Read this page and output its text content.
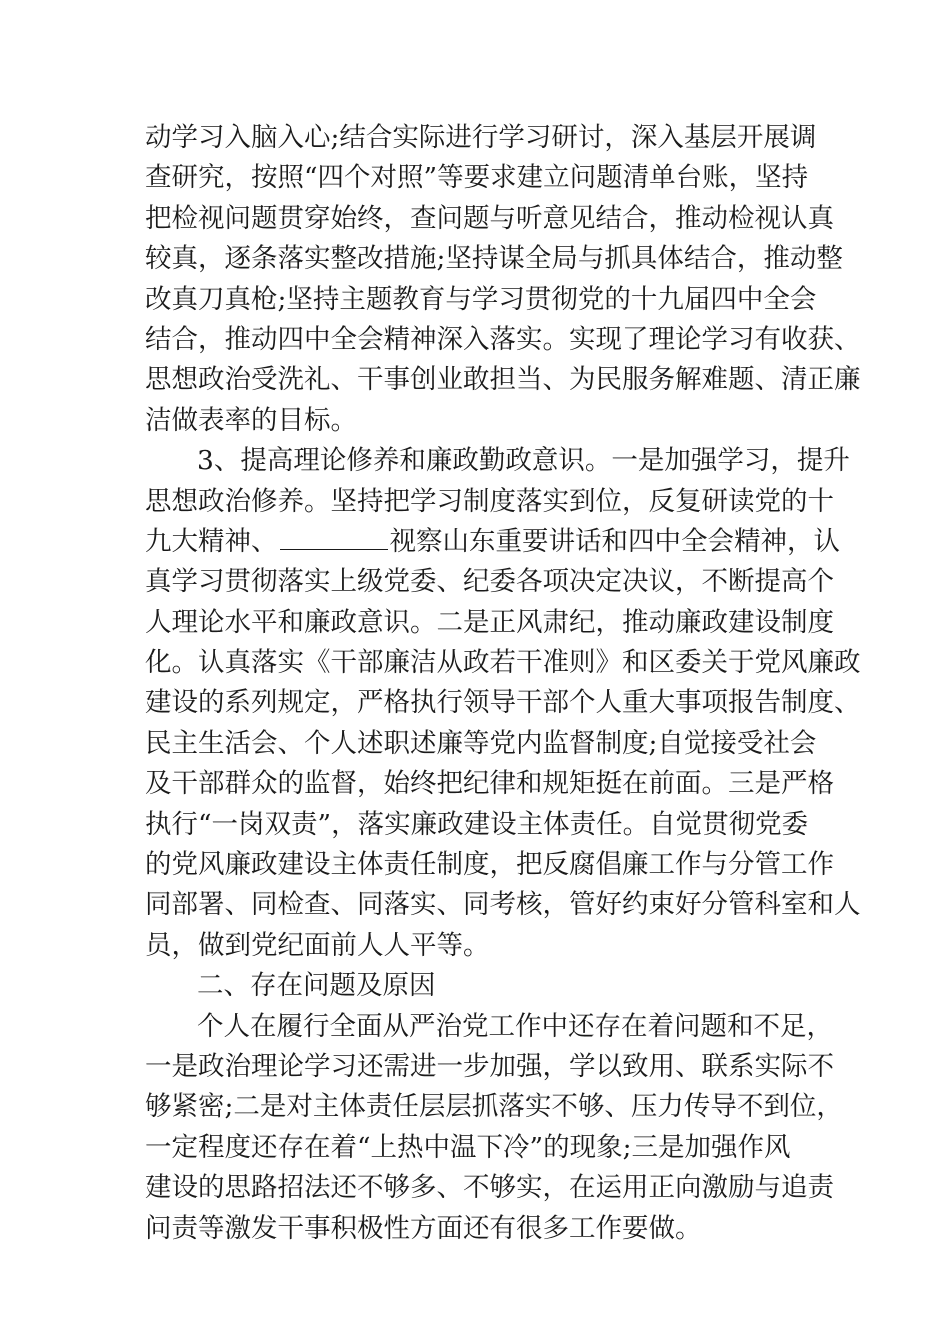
动学习入脑入心;结合实际进行学习研讨，深入基层开展调
查研究，按照“四个对照”等要求建立问题清单台账，坚持
把检视问题贯穿始终，查问题与听意见结合，推动检视认真
较真，逐条落实整改措施;坚持谋全局与抓具体结合，推动整
改真刀真枪;坚持主题教育与学习贯彻党的十九届四中全会
结合，推动四中全会精神深入落实。实现了理论学习有收获、
思想政治受洗礼、干事创业敢担当、为民服务解难题、清正廉
洁做表率的目标。
3、提高理论修养和廉政勤政意识。一是加强学习，提升
思想政治修养。坚持把学习制度落实到位，反复研读党的十
九大精神、	视察山东重要讲话和四中全会精神，认
真学习贯彻落实上级党委、纪委各项决定决议，不断提高个
人理论水平和廉政意识。二是正风肃纪，推动廉政建设制度
化。认真落实《干部廉洁从政若干准则》和区委关于党风廉政
建设的系列规定，严格执行领导干部个人重大事项报告制度、
民主生活会、个人述职述廉等党内监督制度;自觉接受社会
及干部群众的监督，始终把纪律和规矩挺在前面。三是严格
执行“一岗双责”，落实廉政建设主体责任。自觉贯彻党委
的党风廉政建设主体责任制度，把反腐倡廉工作与分管工作
同部署、同检查、同落实、同考核，管好约束好分管科室和人
员，做到党纪面前人人平等。
二、存在问题及原因
个人在履行全面从严治党工作中还存在着问题和不足，
一是政治理论学习还需进一步加强，学以致用、联系实际不
够紧密;二是对主体责任层层抓落实不够、压力传导不到位，
一定程度还存在着“上热中温下冷”的现象;三是加强作风
建设的思路招法还不够多、不够实，在运用正向激励与追责
问责等激发干事积极性方面还有很多工作要做。
